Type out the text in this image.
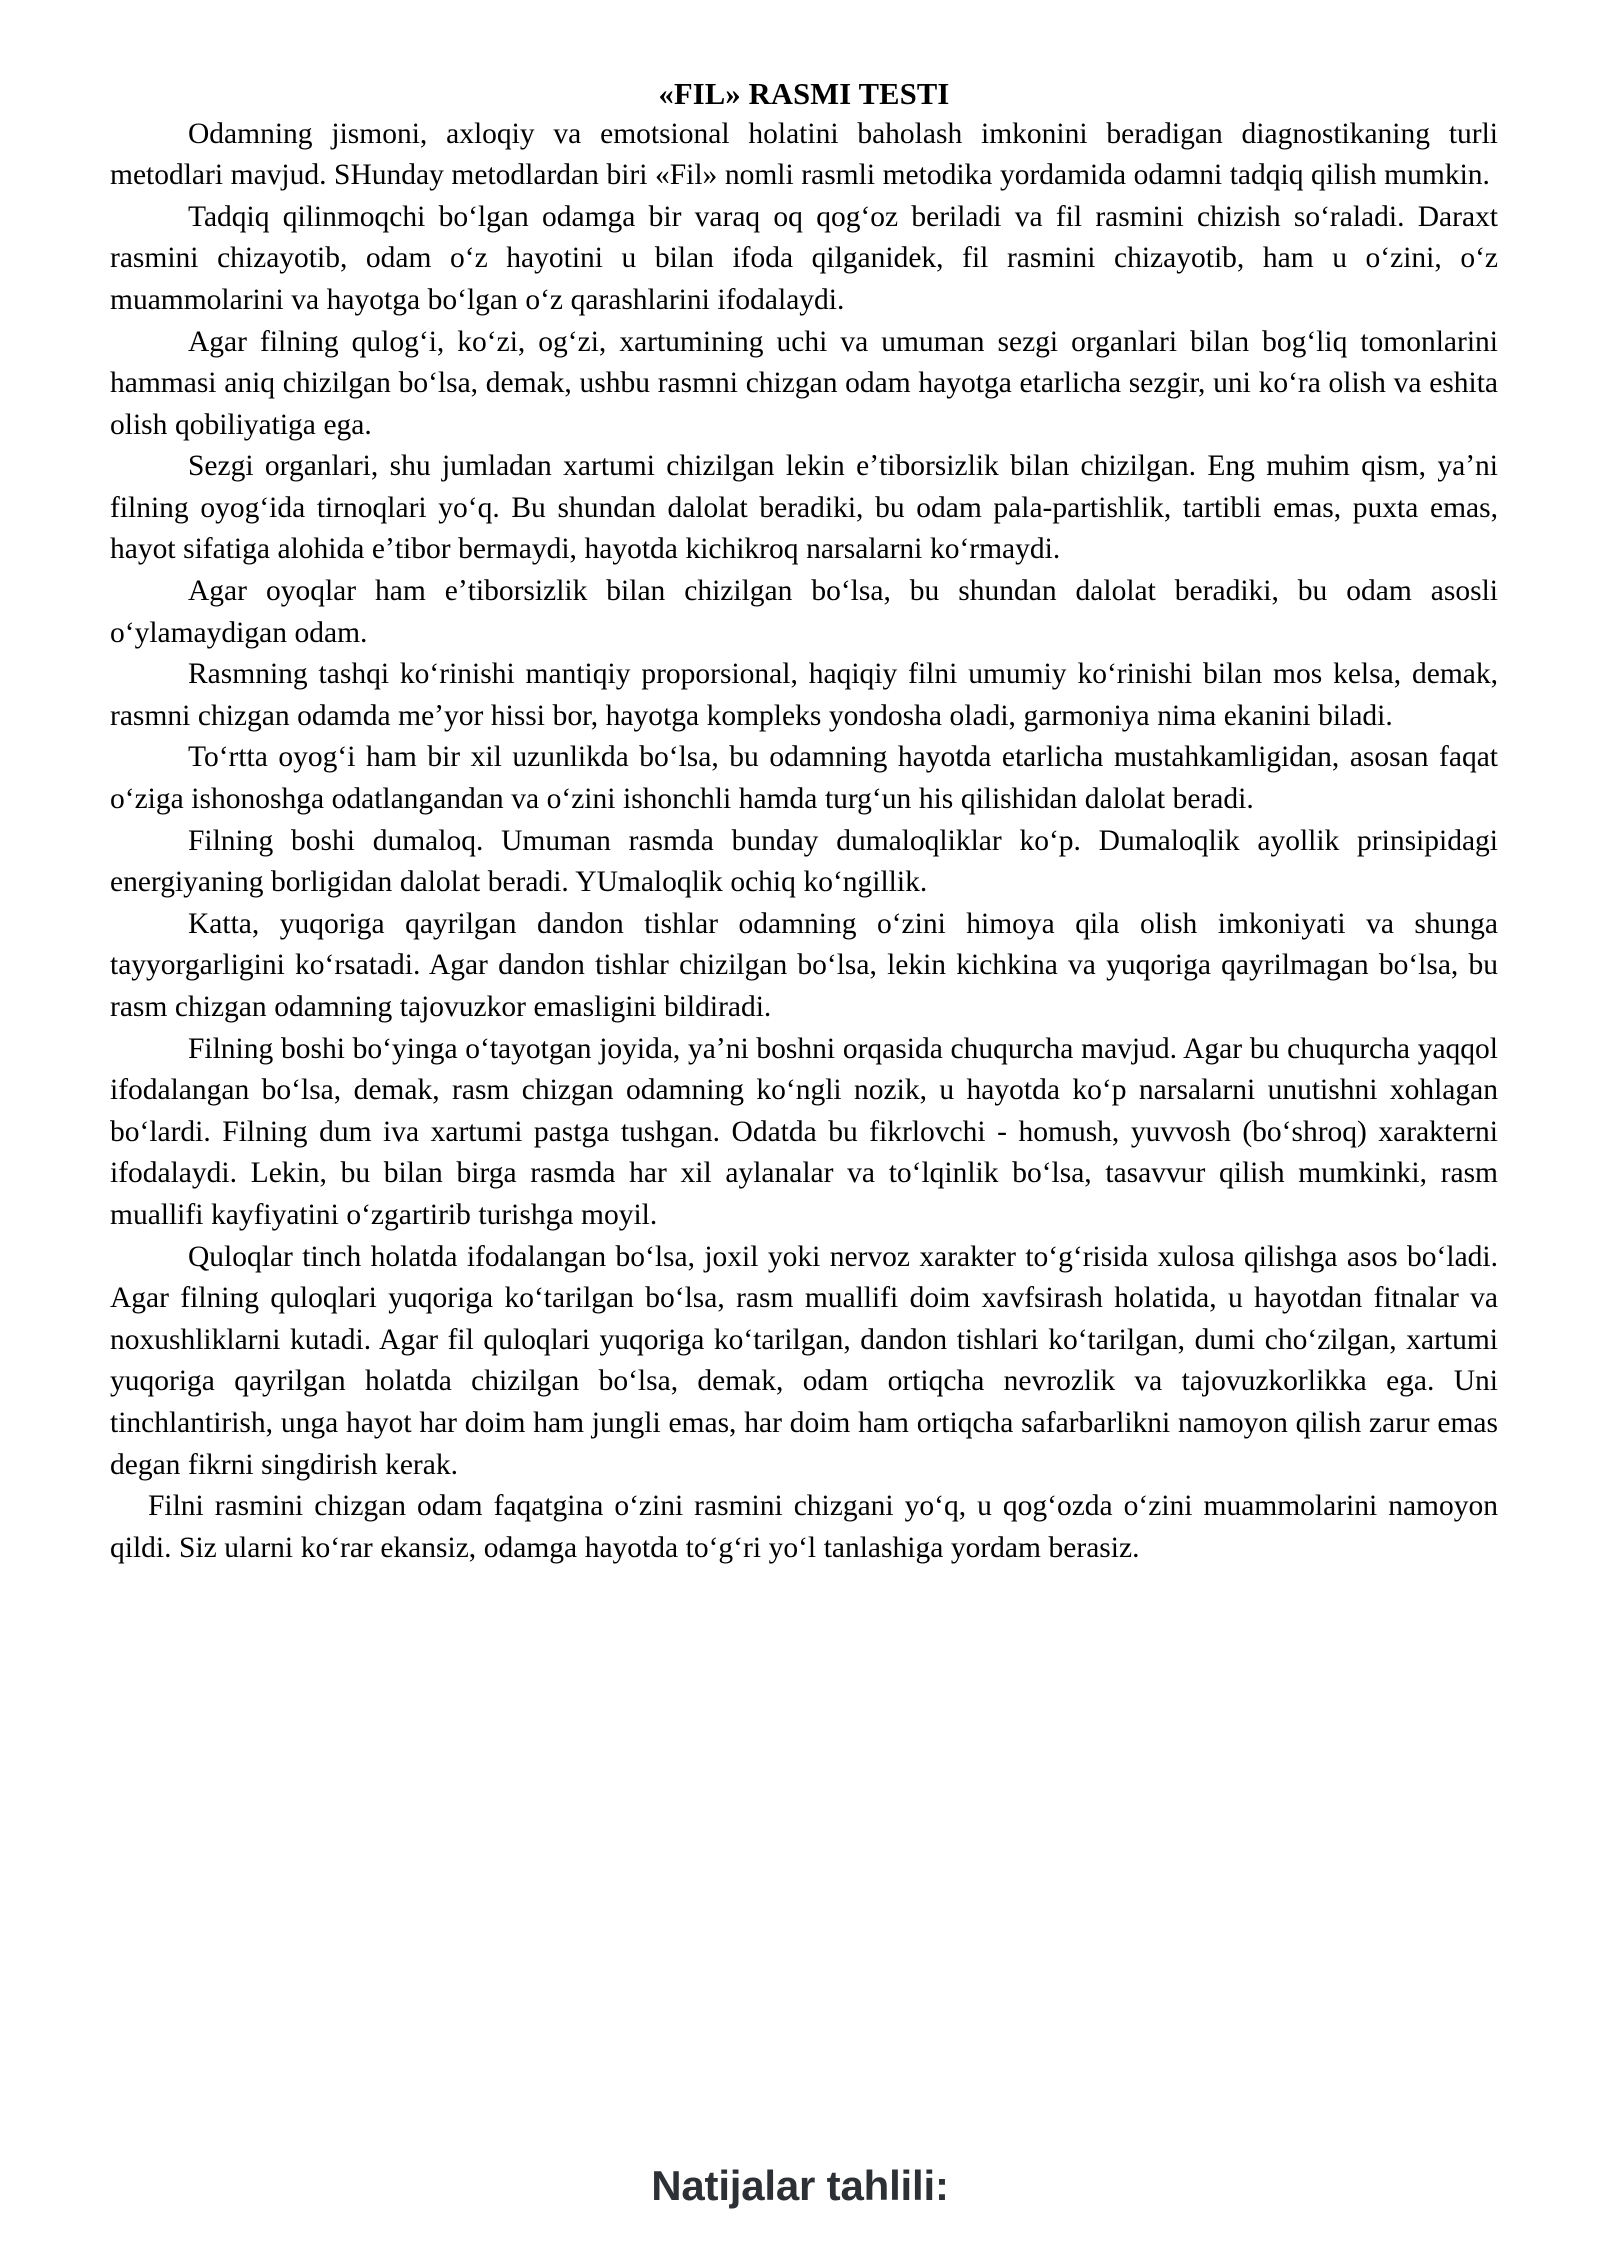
«FIL» RASMI TESTI

Odamning jismoni, axloqiy va emotsional holatini baholash imkonini beradigan diagnostikaning turli metodlari mavjud. SHunday metodlardan biri «Fil» nomli rasmli metodika yordamida odamni tadqiq qilish mumkin.

Tadqiq qilinmoqchi boʻlgan odamga bir varaq oq qogʻoz beriladi va fil rasmini chizish soʻraladi. Daraxt rasmini chizayotib, odam oʻz hayotini u bilan ifoda qilganidek, fil rasmini chizayotib, ham u oʻzini, oʻz muammolarini va hayotga boʻlgan oʻz qarashlarini ifodalaydi.

Agar filning qulogʻi, koʻzi, ogʻzi, xartumining uchi va umuman sezgi organlari bilan bogʻliq tomonlarini hammasi aniq chizilgan boʻlsa, demak, ushbu rasmni chizgan odam hayotga etarlicha sezgir, uni koʻra olish va eshita olish qobiliyatiga ega.

Sezgi organlari, shu jumladan xartumi chizilgan lekin eʼtiborsizlik bilan chizilgan. Eng muhim qism, yaʼni filning oyogʻida tirnoqlari yoʻq. Bu shundan dalolat beradiki, bu odam pala-partishlik, tartibli emas, puxta emas, hayot sifatiga alohida eʼtibor bermaydi, hayotda kichikroq narsalarni koʻrmaydi.

Agar oyoqlar ham eʼtiborsizlik bilan chizilgan boʻlsa, bu shundan dalolat beradiki, bu odam asosli oʻylamaydigan odam.

Rasmning tashqi koʻrinishi mantiqiy proporsional, haqiqiy filni umumiy koʻrinishi bilan mos kelsa, demak, rasmni chizgan odamda meʼyor hissi bor, hayotga kompleks yondosha oladi, garmoniya nima ekanini biladi.

Toʻrtta oyogʻi ham bir xil uzunlikda boʻlsa, bu odamning hayotda etarlicha mustahkamligidan, asosan faqat oʻziga ishonoshga odatlangandan va oʻzini ishonchli hamda turgʻun his qilishidan dalolat beradi.

Filning boshi dumaloq. Umuman rasmda bunday dumaloqliklar koʻp. Dumaloqlik ayollik prinsipidagi energiyaning borligidan dalolat beradi. YUmaloqlik ochiq koʻngillik.

Katta, yuqoriga qayrilgan dandon tishlar odamning oʻzini himoya qila olish imkoniyati va shunga tayyorgarligini koʻrsatadi. Agar dandon tishlar chizilgan boʻlsa, lekin kichkina va yuqoriga qayrilmagan boʻlsa, bu rasm chizgan odamning tajovuzkor emasligini bildiradi.

Filning boshi boʻyinga oʻtayotgan joyida, yaʼni boshni orqasida chuqurcha mavjud. Agar bu chuqurcha yaqqol ifodalangan boʻlsa, demak, rasm chizgan odamning koʻngli nozik, u hayotda koʻp narsalarni unutishni xohlagan boʻlardi. Filning dum iva xartumi pastga tushgan. Odatda bu fikrlovchi - homush, yuvvosh (boʻshroq) xarakterni ifodalaydi. Lekin, bu bilan birga rasmda har xil aylanalar va toʻlqinlik boʻlsa, tasavvur qilish mumkinki, rasm muallifi kayfiyatini oʻzgartirib turishga moyil.

Quloqlar tinch holatda ifodalangan boʻlsa, joxil yoki nervoz xarakter toʻgʻrisida xulosa qilishga asos boʻladi. Agar filning quloqlari yuqoriga koʻtarilgan boʻlsa, rasm muallifi doim xavfsirash holatida, u hayotdan fitnalar va noxushliklarni kutadi. Agar fil quloqlari yuqoriga koʻtarilgan, dandon tishlari koʻtarilgan, dumi choʻzilgan, xartumi yuqoriga qayrilgan holatda chizilgan boʻlsa, demak, odam ortiqcha nevrozlik va tajovuzkorlikka ega. Uni tinchlantirish, unga hayot har doim ham jungli emas, har doim ham ortiqcha safarbarlikni namoyon qilish zarur emas degan fikrni singdirish kerak.

Filni rasmini chizgan odam faqatgina oʻzini rasmini chizgani yoʻq, u qogʻozda oʻzini muammolarini namoyon qildi. Siz ularni koʻrar ekansiz, odamga hayotda toʻgʻri yoʻl tanlashiga yordam berasiz.

Natijalar tahlili:
